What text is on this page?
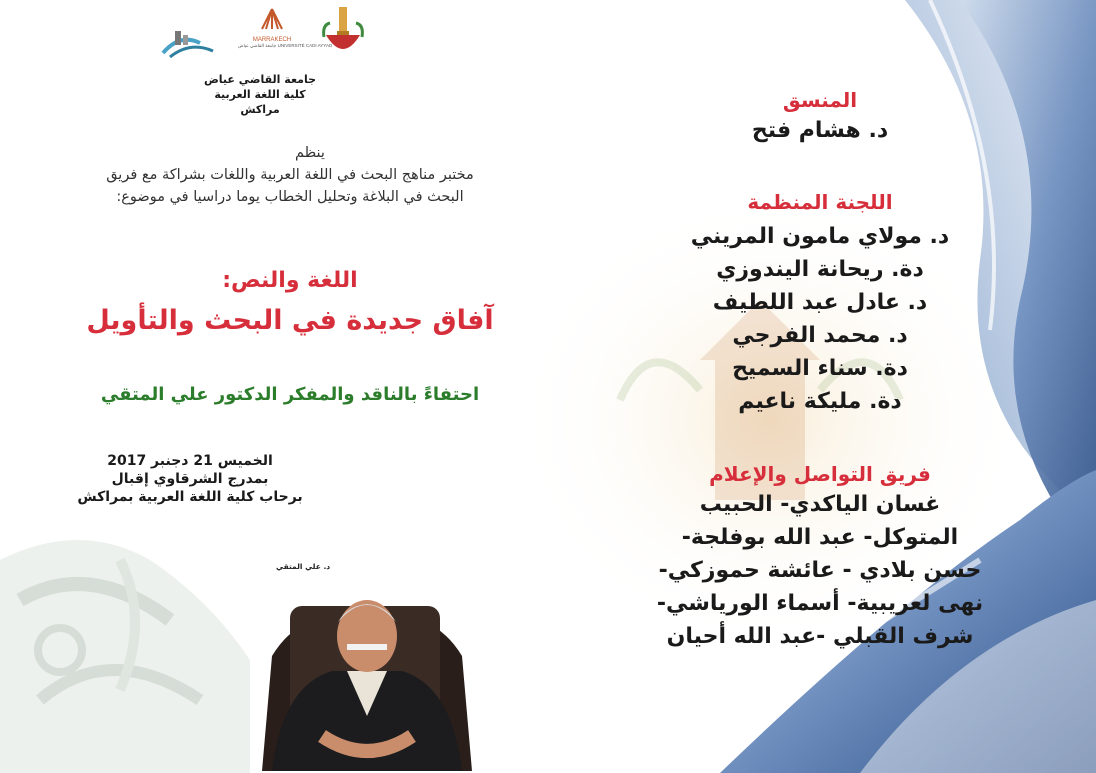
MARRAKECH
جامعة القاضي عياض UNIVERSITÉ CADI AYYAD
جامعة القاضي عياض
كلية اللغة العربية
مراكش
ينظم
مختبر مناهج البحث في اللغة العربية واللغات بشراكة مع فريق
البحث في البلاغة وتحليل الخطاب يوما دراسيا في موضوع:
اللغة والنص:
آفاق جديدة في البحث والتأويل
احتفاءً بالناقد والمفكر الدكتور علي المتقي
الخميس 21 دجنبر 2017
بمدرج الشرقاوي إقبال
برحاب كلية اللغة العربية بمراكش
د. علي المتقي
المنسق
د. هشام فتح
اللجنة المنظمة
د. مولاي مامون المريني
دة. ريحانة اليندوزي
د. عادل عبد اللطيف
د. محمد الفرجي
دة. سناء السميح
دة. مليكة ناعيم
فريق التواصل والإعلام
غسان الياكدي- الحبيب
المتوكل- عبد الله بوفلجة-
حسن بلادي - عائشة حموزكي-
نهى لعريبية- أسماء الورياشي-
شرف القبلي -عبد الله أحيان
